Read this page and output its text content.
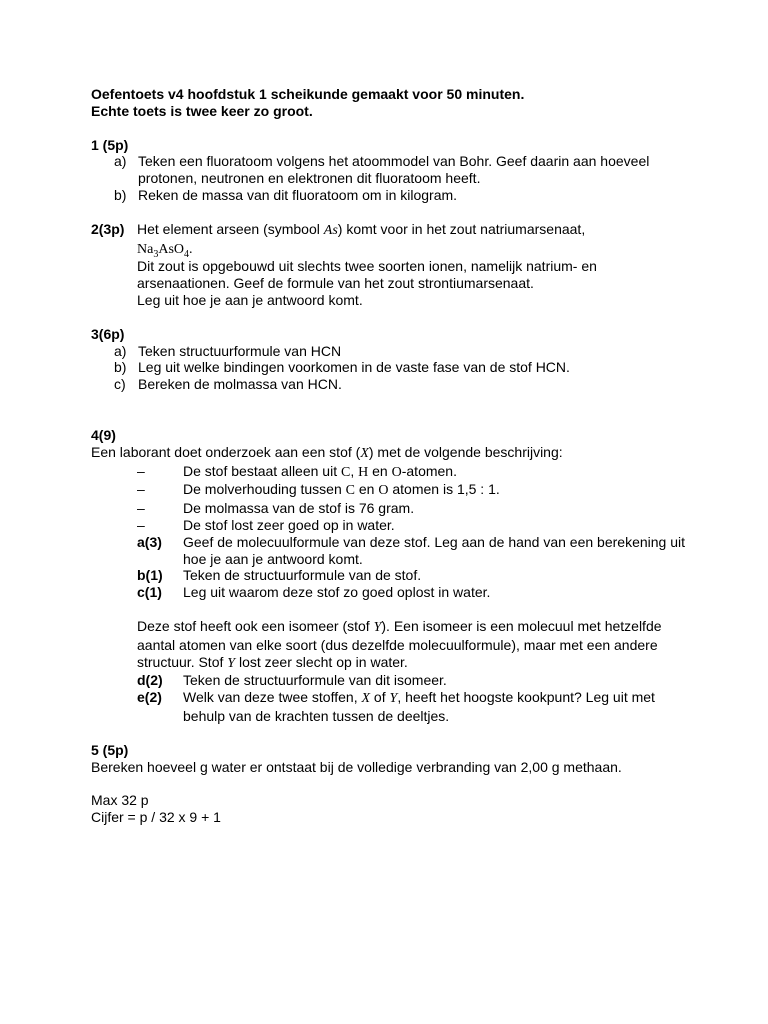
Oefentoets v4 hoofdstuk 1 scheikunde gemaakt voor 50 minuten.
Echte toets is twee keer zo groot.
1 (5p)
a) Teken een fluoratoom volgens het atoommodel van Bohr. Geef daarin aan hoeveel protonen, neutronen en elektronen dit fluoratoom heeft.
b) Reken de massa van dit fluoratoom om in kilogram.
2(3p) Het element arseen (symbool As) komt voor in het zout natriumarsenaat,
$Na_3AsO_4$.
Dit zout is opgebouwd uit slechts twee soorten ionen, namelijk natrium- en arsenaationen. Geef de formule van het zout strontiumarsenaat.
Leg uit hoe je aan je antwoord komt.
3(6p)
a) Teken structuurformule van HCN
b) Leg uit welke bindingen voorkomen in de vaste fase van de stof HCN.
c) Bereken de molmassa van HCN.
4(9)
Een laborant doet onderzoek aan een stof (X) met de volgende beschrijving:
–	De stof bestaat alleen uit C, H en O-atomen.
–	De molverhouding tussen C en O atomen is 1,5 : 1.
–	De molmassa van de stof is 76 gram.
–	De stof lost zeer goed op in water.
a(3)	Geef de molecuulformule van deze stof. Leg aan de hand van een berekening uit hoe je aan je antwoord komt.
b(1)	Teken de structuurformule van de stof.
c(1)	Leg uit waarom deze stof zo goed oplost in water.
Deze stof heeft ook een isomeer (stof Y). Een isomeer is een molecuul met hetzelfde aantal atomen van elke soort (dus dezelfde molecuulformule), maar met een andere structuur. Stof Y lost zeer slecht op in water.
d(2)	Teken de structuurformule van dit isomeer.
e(2)	Welk van deze twee stoffen, X of Y, heeft het hoogste kookpunt? Leg uit met behulp van de krachten tussen de deeltjes.
5 (5p)
Bereken hoeveel g water er ontstaat bij de volledige verbranding van 2,00 g methaan.
Max 32 p
Cijfer = p / 32 x 9 + 1
